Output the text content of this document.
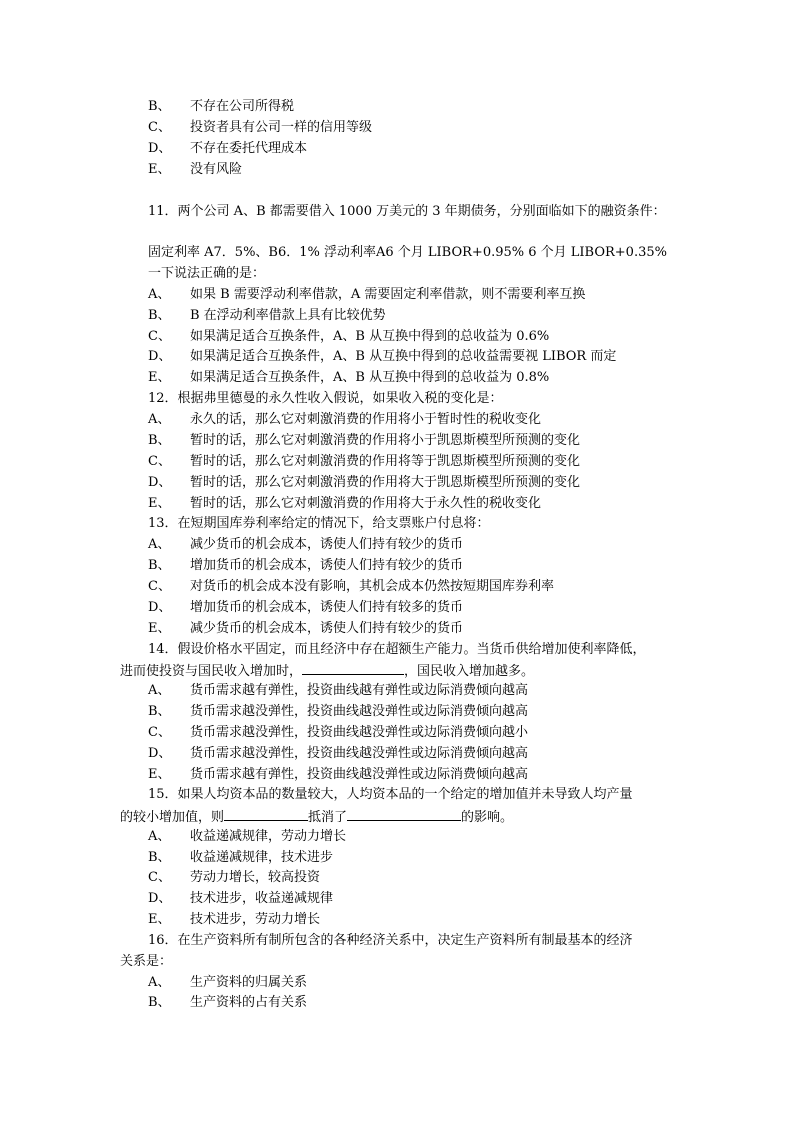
B、 不存在公司所得税
C、 投资者具有公司一样的信用等级
D、 不存在委托代理成本
E、 没有风险
11．两个公司 A、B 都需要借入 1000 万美元的 3 年期债务，分别面临如下的融资条件：
固定利率 A7．5%、B6．1% 浮动利率A6 个月 LIBOR+0.95% 6 个月 LIBOR+0.35%
一下说法正确的是：
A、 如果 B 需要浮动利率借款，A 需要固定利率借款，则不需要利率互换
B、 B 在浮动利率借款上具有比较优势
C、 如果满足适合互换条件，A、B 从互换中得到的总收益为 0.6%
D、 如果满足适合互换条件，A、B 从互换中得到的总收益需要视 LIBOR 而定
E、 如果满足适合互换条件，A、B 从互换中得到的总收益为 0.8%
12．根据弗里德曼的永久性收入假说，如果收入税的变化是：
A、 永久的话，那么它对刺激消费的作用将小于暂时性的税收变化
B、 暂时的话，那么它对刺激消费的作用将小于凯恩斯模型所预测的变化
C、 暂时的话，那么它对刺激消费的作用将等于凯恩斯模型所预测的变化
D、 暂时的话，那么它对刺激消费的作用将大于凯恩斯模型所预测的变化
E、 暂时的话，那么它对刺激消费的作用将大于永久性的税收变化
13．在短期国库券利率给定的情况下，给支票账户付息将：
A、 减少货币的机会成本，诱使人们持有较少的货币
B、 增加货币的机会成本，诱使人们持有较少的货币
C、 对货币的机会成本没有影响，其机会成本仍然按短期国库券利率
D、 增加货币的机会成本，诱使人们持有较多的货币
E、 减少货币的机会成本，诱使人们持有较少的货币
14．假设价格水平固定，而且经济中存在超额生产能力。当货币供给增加使利率降低，
进而使投资与国民收入增加时，	，国民收入增加越多。
A、 货币需求越有弹性，投资曲线越有弹性或边际消费倾向越高
B、 货币需求越没弹性，投资曲线越没弹性或边际消费倾向越高
C、 货币需求越没弹性，投资曲线越没弹性或边际消费倾向越小
D、 货币需求越没弹性，投资曲线越没弹性或边际消费倾向越高
E、 货币需求越有弹性，投资曲线越没弹性或边际消费倾向越高
15．如果人均资本品的数量较大，人均资本品的一个给定的增加值并未导致人均产量
的较小增加值，则	抵消了	的影响。
A、 收益递减规律，劳动力增长
B、 收益递减规律，技术进步
C、 劳动力增长，较高投资
D、 技术进步，收益递减规律
E、 技术进步，劳动力增长
16．在生产资料所有制所包含的各种经济关系中，决定生产资料所有制最基本的经济
关系是：
A、 生产资料的归属关系
B、 生产资料的占有关系
